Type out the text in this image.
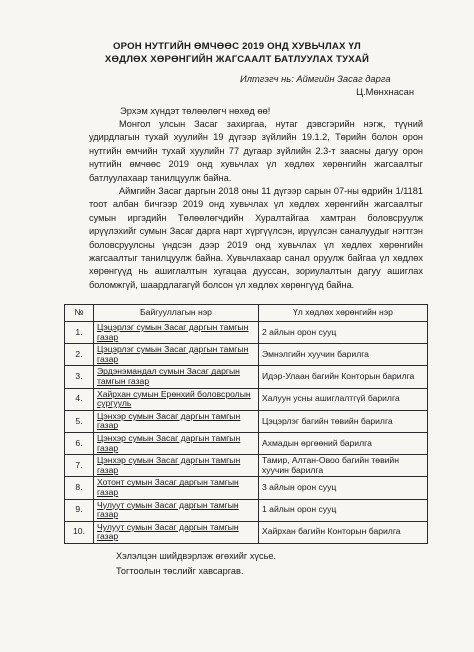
ОРОН НУТГИЙН ӨМЧӨӨС 2019 ОНД ХУВЬЧЛАХ ҮЛ
ХӨДЛӨХ ХӨРӨНГИЙН ЖАГСААЛТ БАТЛУУЛАХ ТУХАЙ
Илтгэгч нь: Аймгийн Засаг дарга
Ц.Мөнхнасан
Эрхэм хүндэт төлөөлөгч нөхөд өө!

Монгол улсын Засаг захиргаа, нутаг дэвсгэрийн нэгж, түүний удирдлагын тухай хуулийн 19 дүгээр зүйлийн 19.1.2, Төрийн болон орон нутгийн өмчийн тухай хуулийн 77 дугаар зүйлийн 2.3-т заасны дагуу орон нутгийн өмчөөс 2019 онд хувьчлах үл хөдлөх хөрөнгийн жагсаалтыг батлуулахаар танилцуулж байна.

Аймгийн Засаг даргын 2018 оны 11 дүгээр сарын 07-ны өдрийн 1/1181 тоот албан бичгээр 2019 онд хувьчлах үл хөдлөх хөрөнгийн жагсаалтыг сумын иргэдийн Төлөөлөгчдийн Хуралтайгаа хамтран боловсруулж ирүүлэхийг сумын Засаг дарга нарт хүргүүлсэн, ирүүлсэн саналуудыг нэгтгэн боловсруулсны үндсэн дээр 2019 онд хувьчлах үл хөдлөх хөрөнгийн жагсаалтыг танилцуулж байна. Хувьчлахаар санал оруулж байгаа үл хөдлөх хөрөнгүүд нь ашиглалтын хугацаа дууссан, зориулалтын дагуу ашиглах боломжгүй, шаардлагагүй болсон үл хөдлөх хөрөнгүүд байна.

№	Байгууллагын нэр	Үл хөдлөх хөрөнгийн нэр
1.	Цэцэрлэг сумын Засаг даргын тамгын газар	2 айлын орон сууц
2.	Цэцэрлэг сумын Засаг даргын тамгын газар	Эмнэлгийн хуучин барилга
3.	Эрдэнэмандал сумын Засаг даргын тамгын газар	Идэр-Улаан багийн Конторын барилга
4.	Хайрхан сумын Ерөнхий боловсролын сургууль	Халуун усны ашиглалтгүй барилга
5.	Цэнхэр сумын Засаг даргын тамгын газар	Цэцэрлэг багийн төвийн барилга
6.	Цэнхэр сумын Засаг даргын тамгын газар	Ахмадын өргөөний барилга
7.	Цэнхэр сумын Засаг даргын тамгын газар	Тамир, Алтан-Овоо багийн төвийн хуучин барилга
8.	Хотонт сумын Засаг даргын тамгын газар	3 айлын орон сууц
9.	Чулуут сумын Засаг даргын тамгын газар	1 айлын орон сууц
10.	Чулуут сумын Засаг даргын тамгын газар	Хайрхан багийн Конторын барилга
Хэлэлцэн шийдвэрлэж өгөхийг хүсье.
Тогтоолын төслийг хавсаргав.
